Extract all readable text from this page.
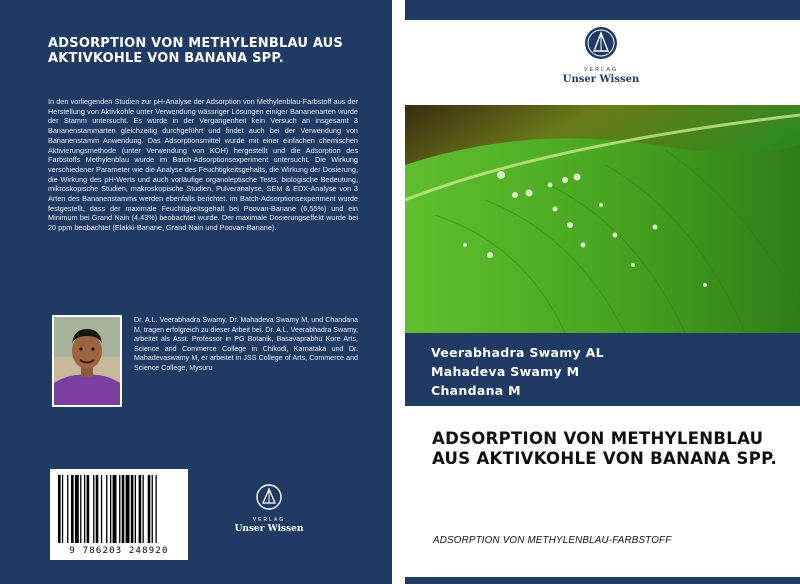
ADSORPTION VON METHYLENBLAU AUS AKTIVKOHLE VON BANANA SPP.
In den vorliegenden Studien zur pH-Analyse der Adsorption von Methylenblau-Farbstoff aus der Herstellung von Aktivkohle unter Verwendung wässriger Lösungen einiger Bananenarten wurde der Stamm untersucht. Es wurde in der Vergangenheit kein Versuch an insgesamt 3 Bananenstammarten gleichzeitig durchgeführt und findet auch bei der Verwendung von Bananenstamm Anwendung. Das Adsorptionsmittel wurde mit einer einfachen chemischen Aktivierungsmethode (unter Verwendung von KOH) hergestellt und die Adsorption des Farbstoffs Methylenblau wurde im Batch-Adsorptionsexperiment untersucht. Die Wirkung verschiedener Parameter wie die Analyse des Feuchtigkeitsgehalts, die Wirkung der Dosierung, die Wirkung des pH-Werts und auch vorläufige organoleptische Tests, biologische Bedeutung, mikroskopische Studien, makroskopische Studien, Pulveranalyse, SEM & EDX-Analyse von 3 Arten des Bananenstamms werden ebenfalls berichtet. im Batch-Adsorptionsexperiment wurde festgestellt, dass der maximale Feuchtigkeitsgehalt bei Poovan-Banane (6,55%) und ein Minimum bei Grand Nain (4,43%) beobachtet wurde. Der maximale Dosierungseffekt wurde bei 20 ppm beobachtet (Elakki-Banane, Grand Nain und Poovan-Banane).
Dr. A.L. Veerabhadra Swamy, Dr. Mahadeva Swamy M, und Chandana M, tragen erfolgreich zu dieser Arbeit bei. Dr. A.L. Veerabhadra Swamy, arbeitet als Asst. Professor in PG Botanik, Basavaprabhu Kore Arts, Science and Commerce College in Chikodi, Karnataka und Dr. Mahadevaswamy M, er arbeitet in JSS College of Arts, Commerce and Science College, Mysuru
9 786203 248920
VERLAG
Unser Wissen
VERLAG
Unser Wissen
Veerabhadra Swamy AL
Mahadeva Swamy M
Chandana M
ADSORPTION VON METHYLENBLAU AUS AKTIVKOHLE VON BANANA SPP.
ADSORPTION VON METHYLENBLAU-FARBSTOFF
